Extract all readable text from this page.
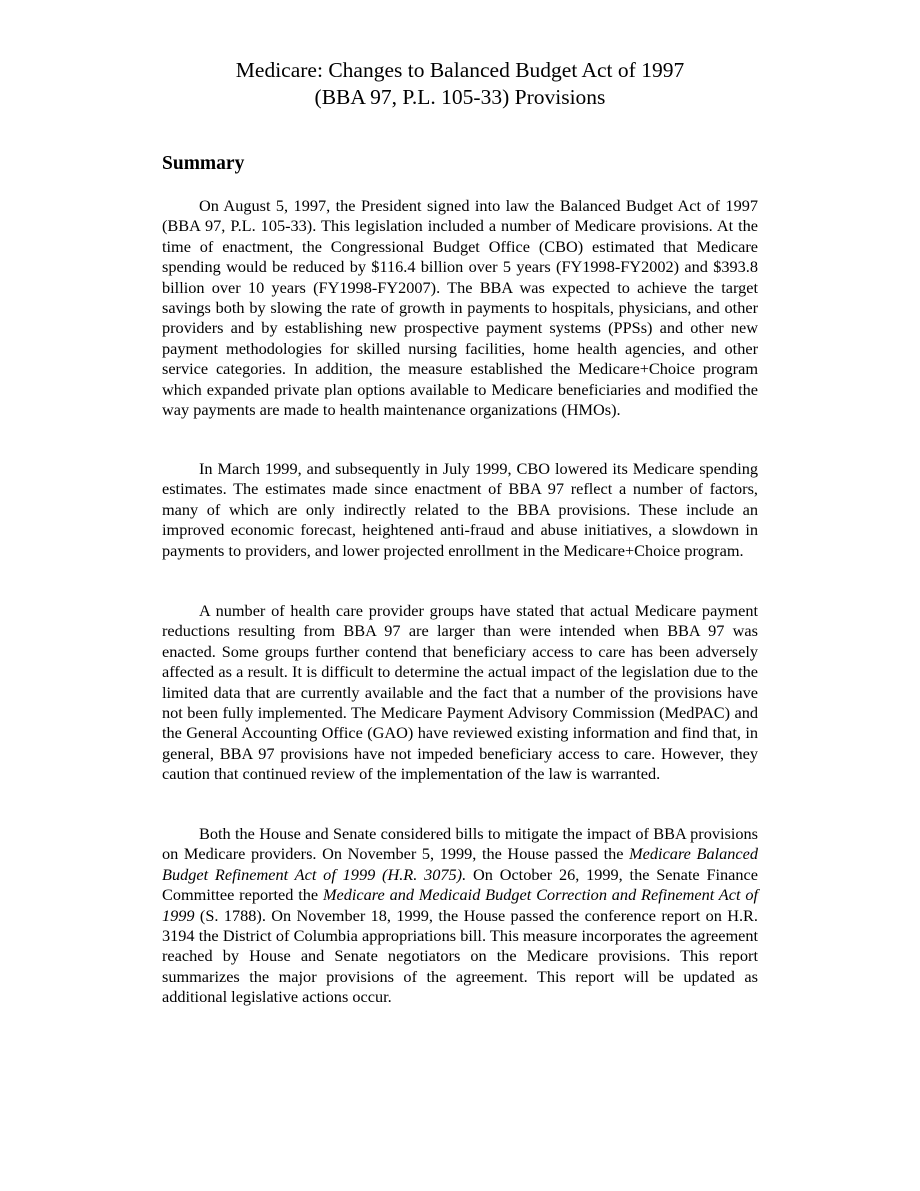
Medicare: Changes to Balanced Budget Act of 1997
(BBA 97, P.L. 105-33) Provisions
Summary

On August 5, 1997, the President signed into law the Balanced Budget Act of 1997 (BBA 97, P.L. 105-33). This legislation included a number of Medicare provisions. At the time of enactment, the Congressional Budget Office (CBO) estimated that Medicare spending would be reduced by $116.4 billion over 5 years (FY1998-FY2002) and $393.8 billion over 10 years (FY1998-FY2007). The BBA was expected to achieve the target savings both by slowing the rate of growth in payments to hospitals, physicians, and other providers and by establishing new prospective payment systems (PPSs) and other new payment methodologies for skilled nursing facilities, home health agencies, and other service categories. In addition, the measure established the Medicare+Choice program which expanded private plan options available to Medicare beneficiaries and modified the way payments are made to health maintenance organizations (HMOs).

In March 1999, and subsequently in July 1999, CBO lowered its Medicare spending estimates. The estimates made since enactment of BBA 97 reflect a number of factors, many of which are only indirectly related to the BBA provisions. These include an improved economic forecast, heightened anti-fraud and abuse initiatives, a slowdown in payments to providers, and lower projected enrollment in the Medicare+Choice program.

A number of health care provider groups have stated that actual Medicare payment reductions resulting from BBA 97 are larger than were intended when BBA 97 was enacted. Some groups further contend that beneficiary access to care has been adversely affected as a result. It is difficult to determine the actual impact of the legislation due to the limited data that are currently available and the fact that a number of the provisions have not been fully implemented. The Medicare Payment Advisory Commission (MedPAC) and the General Accounting Office (GAO) have reviewed existing information and find that, in general, BBA 97 provisions have not impeded beneficiary access to care. However, they caution that continued review of the implementation of the law is warranted.

Both the House and Senate considered bills to mitigate the impact of BBA provisions on Medicare providers. On November 5, 1999, the House passed the Medicare Balanced Budget Refinement Act of 1999 (H.R. 3075). On October 26, 1999, the Senate Finance Committee reported the Medicare and Medicaid Budget Correction and Refinement Act of 1999 (S. 1788). On November 18, 1999, the House passed the conference report on H.R. 3194 the District of Columbia appropriations bill. This measure incorporates the agreement reached by House and Senate negotiators on the Medicare provisions. This report summarizes the major provisions of the agreement. This report will be updated as additional legislative actions occur.
